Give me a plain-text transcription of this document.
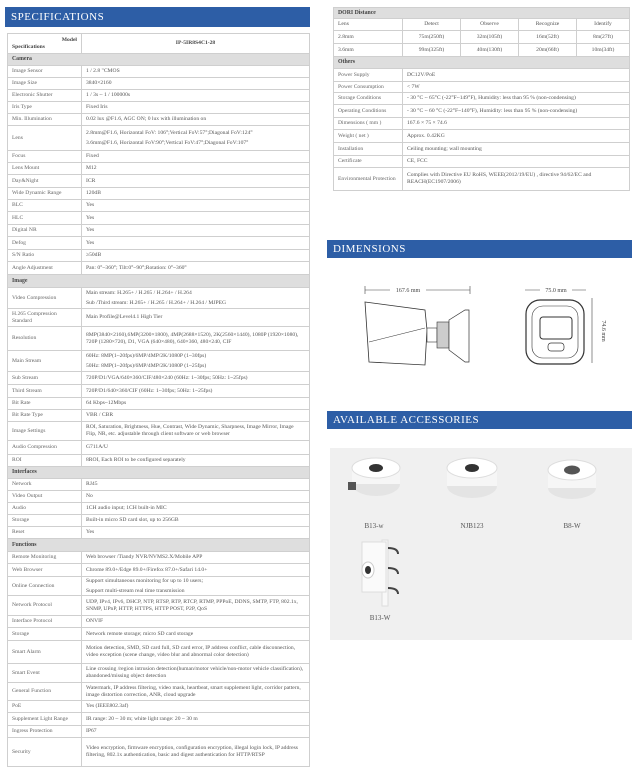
SPECIFICATIONS
Model
Specifications	IP-5IR8S4C1-28
Camera	
Image Sensor	1 / 2.8 "CMOS

Image Size	3840×2160

Electronic Shutter	1 / 3s ~ 1 / 100000s

Iris Type	Fixed Iris

Min. Illumination	0.02 lux @F1.6, AGC ON; 0 lux with illumination on

Lens	2.8mm@F1.6, Horizontal FoV: 106°;Vertical FoV:57°;Diagonal FoV:124°
3.6mm@F1.6, Horizontal FoV:90°;Vertical FoV:47°;Diagonal FoV:107°

Focus	Fixed

Lens Mount	M12

Day&Night	ICR

Wide Dynamic Range	120dB

BLC	Yes

HLC	Yes

Digital NR	Yes

Defog	Yes

S/N Ratio	≥50dB

Angle Adjustment	Pan: 0°~360°; Tilt:0°~90°;Rotation: 0°~360°

Image	
Video Compression	Main stream: H.265+ / H.265 / H.264+ / H.264
Sub /Third stream: H.265+ / H.265 / H.264+ / H.264 / MJPEG

H.265 Compression Standard	Main Profile@Level4.1 High Tier

Resolution	8MP(3840×2160),6MP(3200×1800), 4MP(2688×1520), 2K(2560×1440), 1080P (1920×1080), 720P (1280×720), D1, VGA (640×480), 640×360, 480×240, CIF

Main Stream	60Hz: 8MP(1~20fps)/6MP/4MP/2K/1080P (1~30fps)
50Hz: 8MP(1~20fps)/6MP/4MP/2K/1080P (1~25fps)

Sub Stream	720P/D1/VGA/640×360/CIF/480×240 (60Hz: 1~30fps; 50Hz: 1~25fps)

Third Stream	720P/D1/640×360/CIF (60Hz: 1~30fps; 50Hz: 1~25fps)

Bit Rate	64 Kbps~12Mbps

Bit Rate Type	VBR / CBR

Image Settings	ROI, Saturation, Brightness, Hue, Contrast, Wide Dynamic, Sharpness, Image Mirror, Image Flip, NR, etc. adjustable through client software or web browser

Audio Compression	G711A/U

ROI	8ROI, Each ROI to be configured separately

Interfaces	
Network	RJ45

Video Output	No

Audio	1CH audio input; 1CH built-in MIC

Storage	Built-in micro SD card slot, up to 256GB

Reset	Yes

Functions	
Remote Monitoring	Web browser /Tiandy NVR/NVMS2.X/Mobile APP

Web Browser	Chrome 89.0+/Edge 89.0+/Firefox 87.0+/Safari 14.0+

Online Connection	Support simultaneous monitoring for up to 10 users;
Support multi-stream real time transmission

Network Protocol	UDP, IPv4, IPv6, DHCP, NTP, RTSP, RTP, RTCP, RTMP, PPPoE, DDNS, SMTP, FTP, 802.1x, SNMP, UPnP, HTTP, HTTPS, HTTP POST, P2P, QoS

Interface Protocol	ONVIF

Storage	Network remote storage; micro SD card storage

Smart Alarm	Motion detection, SMD, SD card full, SD card error, IP address conflict, cable disconnection, video exception (scene change, video blur and abnormal color detection)

Smart Event	Line crossing /region intrusion detection(human/motor vehicle/non-motor vehicle classification), abandoned/missing object detection

General Function	Watermark, IP address filtering, video mask, heartbeat, smart supplement light, corridor pattern, image distortion correction, ANR, cloud upgrade

PoE	Yes (IEEE802.3af)

Supplement Light Range	IR range: 20 ~ 30 m; white light range: 20 ~ 30 m

Ingress Protection	IP67

Security	Video encryption, firmware encryption, configuration encryption, illegal login lock, IP address filtering, 802.1x authentication, basic and digest authentication for HTTP/RTSP
DORI Distance				
Lens	Detect	Observe	Recognize	Identify
2.8mm	75m(250ft)	32m(105ft)	16m(52ft)	8m(27ft)
3.6mm	99m(325ft)	40m(130ft)	20m(66ft)	10m(34ft)
Others				
Power Supply	DC12V/PoE			
Power Consumption	< 7W			
Storage Conditions	- 30 °C ~ 65°C (-22°F~149°F), Humidity: less than 95 % (non-condensing)			
Operating Conditions	- 30 °C ~ 60 °C (-22°F~140°F), Humidity: less than 95 % (non-condensing)			
Dimensions ( mm )	167.6 × 75 × 74.6			
Weight ( net )	Approx. 0.42KG			
Installation	Ceiling mounting; wall mounting			
Certificate	CE, FCC			
Environmental Protection	Complies with Directive EU RoHS, WEEE(2012/19/EU) , directive 94/62/EC and REACH(EC1907/2006)			
DIMENSIONS
167.6 mm	75.0 mm
74.6 mm
AVAILABLE ACCESSORIES
B13-w	NJB123	B8-W
B13-W
